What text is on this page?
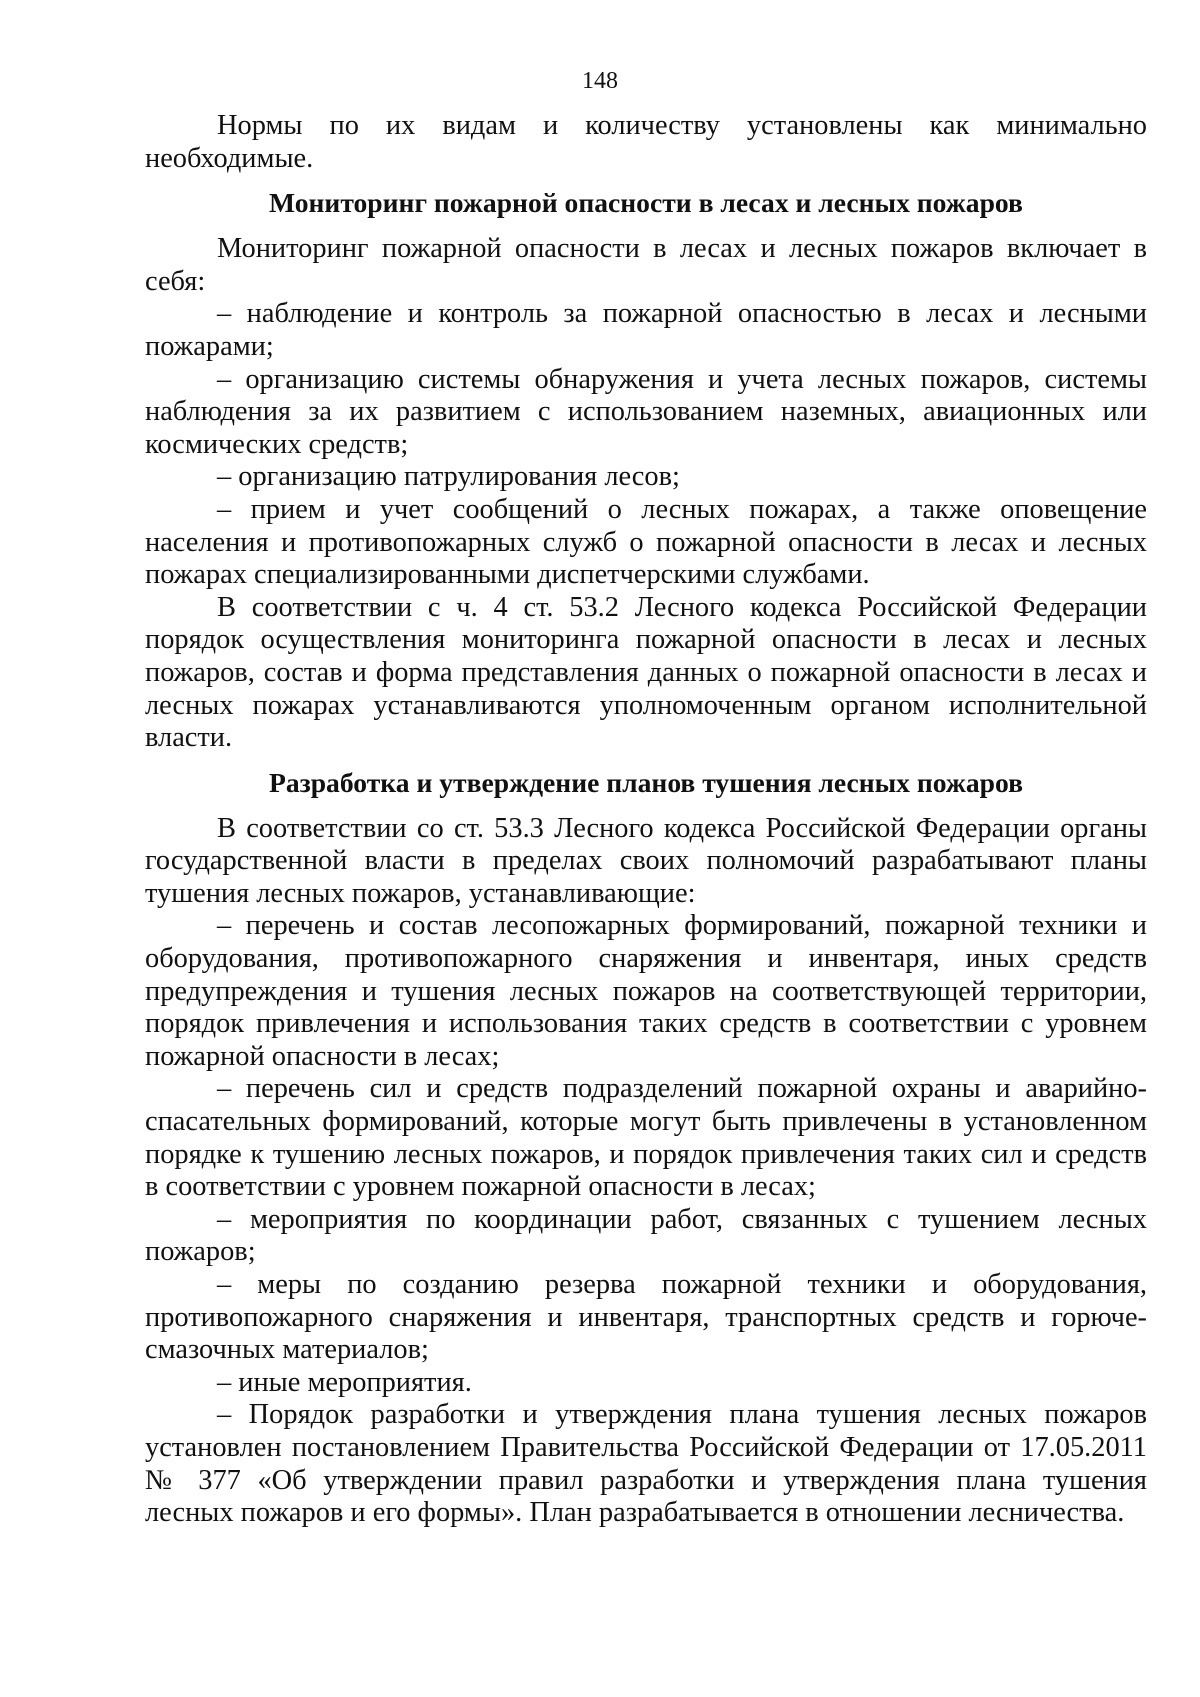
148

Нормы по их видам и количеству установлены как минимально необходимые.

Мониторинг пожарной опасности в лесах и лесных пожаров

Мониторинг пожарной опасности в лесах и лесных пожаров включает в себя:

– наблюдение и контроль за пожарной опасностью в лесах и лесными пожарами;

– организацию системы обнаружения и учета лесных пожаров, системы наблюдения за их развитием с использованием наземных, авиационных или космических средств;

– организацию патрулирования лесов;

– прием и учет сообщений о лесных пожарах, а также оповещение населения и противопожарных служб о пожарной опасности в лесах и лесных пожарах специализированными диспетчерскими службами.

В соответствии с ч. 4 ст. 53.2 Лесного кодекса Российской Федерации порядок осуществления мониторинга пожарной опасности в лесах и лесных пожаров, состав и форма представления данных о пожарной опасности в лесах и лесных пожарах устанавливаются уполномоченным органом исполнительной власти.

Разработка и утверждение планов тушения лесных пожаров

В соответствии со ст. 53.3 Лесного кодекса Российской Федерации органы государственной власти в пределах своих полномочий разрабатывают планы тушения лесных пожаров, устанавливающие:

– перечень и состав лесопожарных формирований, пожарной техники и оборудования, противопожарного снаряжения и инвентаря, иных средств предупреждения и тушения лесных пожаров на соответствующей территории, порядок привлечения и использования таких средств в соответствии с уровнем пожарной опасности в лесах;

– перечень сил и средств подразделений пожарной охраны и аварийно-спасательных формирований, которые могут быть привлечены в установленном порядке к тушению лесных пожаров, и порядок привлечения таких сил и средств в соответствии с уровнем пожарной опасности в лесах;

– мероприятия по координации работ, связанных с тушением лесных пожаров;

– меры по созданию резерва пожарной техники и оборудования, противопожарного снаряжения и инвентаря, транспортных средств и горюче-смазочных материалов;

– иные мероприятия.

– Порядок разработки и утверждения плана тушения лесных пожаров установлен постановлением Правительства Российской Федерации от 17.05.2011 № 377 «Об утверждении правил разработки и утверждения плана тушения лесных пожаров и его формы». План разрабатывается в отношении лесничества.
